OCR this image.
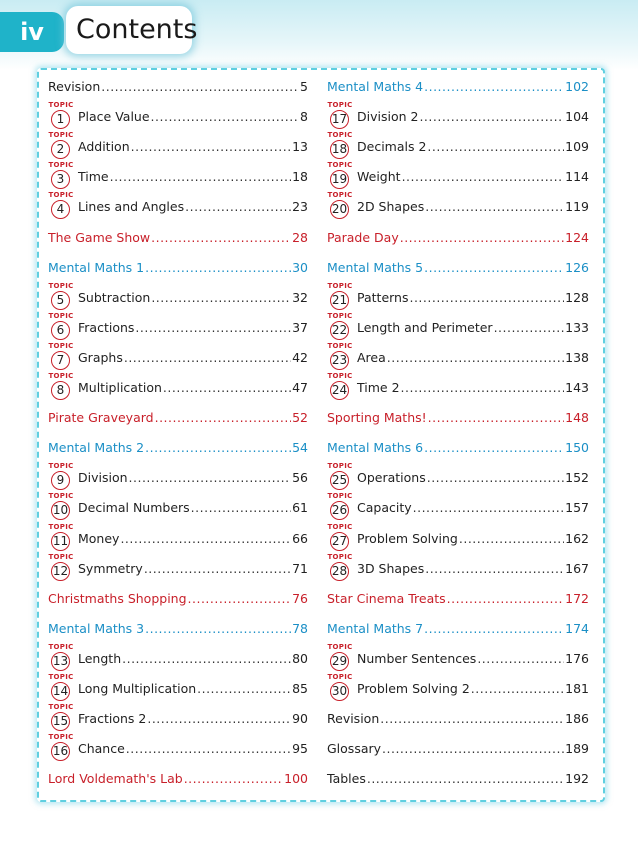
iv	Contents
Revision .....	5
TOPIC
1	Place Value .....	8
TOPIC
2	Addition .....	13
TOPIC
3	Time .....	18
TOPIC
4	Lines and Angles .....	23
The Game Show .....	28
Mental Maths 1 .....	30
TOPIC
5	Subtraction .....	32
TOPIC
6	Fractions .....	37
TOPIC
7	Graphs .....	42
TOPIC
8	Multiplication .....	47
Pirate Graveyard .....	52
Mental Maths 2 .....	54
TOPIC
9	Division .....	56
TOPIC
10 Decimal Numbers .....	61
TOPIC
11 Money .....	66
TOPIC
12 Symmetry .....	71
Christmaths Shopping .....	76
Mental Maths 3 .....	78
TOPIC
13 Length .....	80
TOPIC
14 Long Multiplication .....	85
TOPIC
15 Fractions 2 .....	90
TOPIC
16 Chance .....	95
Lord Voldemath's Lab .....	100
Mental Maths 4 .....	102
TOPIC
17 Division 2 .....	104
TOPIC
18 Decimals 2 .....	109
TOPIC
19 Weight .....	114
TOPIC
20 2D Shapes .....	119
Parade Day .....	124
Mental Maths 5 .....	126
TOPIC
21 Patterns .....	128
TOPIC
22 Length and Perimeter .....	133
TOPIC
23 Area .....	138
TOPIC
24 Time 2 .....	143
Sporting Maths! .....	148
Mental Maths 6 .....	150
TOPIC
25 Operations .....	152
TOPIC
26 Capacity .....	157
TOPIC
27 Problem Solving .....	162
TOPIC
28 3D Shapes .....	167
Star Cinema Treats .....	172
Mental Maths 7 .....	174
TOPIC
29 Number Sentences .....	176
TOPIC
30 Problem Solving 2 .....	181
Revision .....	186
Glossary .....	189
Tables .....	192
